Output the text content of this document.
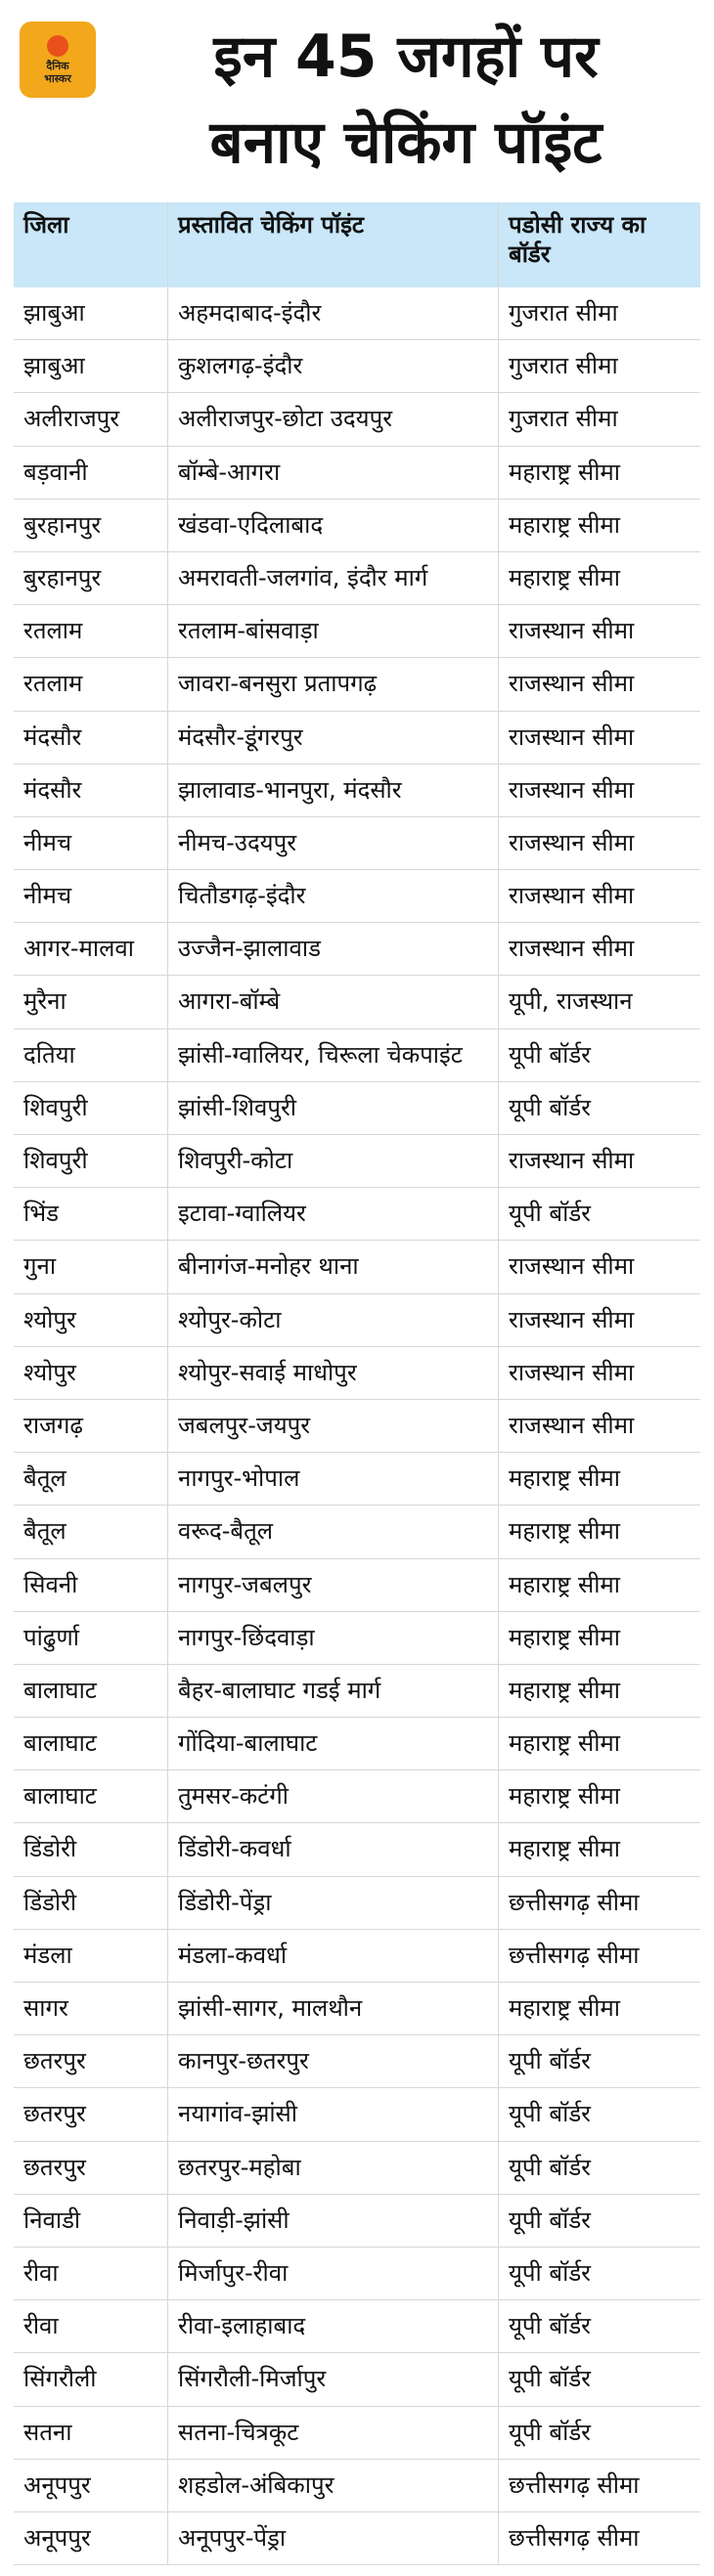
दैनिक
भास्कर	इन 45 जगहों पर
बनाए चेकिंग पॉइंट
जिला	प्रस्तावित चेकिंग पॉइंट	पडोसी राज्य का बॉर्डर
झाबुआ	अहमदाबाद-इंदौर	गुजरात सीमा
झाबुआ	कुशलगढ़-इंदौर	गुजरात सीमा
अलीराजपुर	अलीराजपुर-छोटा उदयपुर	गुजरात सीमा
बड़वानी	बॉम्बे-आगरा	महाराष्ट्र सीमा
बुरहानपुर	खंडवा-एदिलाबाद	महाराष्ट्र सीमा
बुरहानपुर	अमरावती-जलगांव, इंदौर मार्ग	महाराष्ट्र सीमा
रतलाम	रतलाम-बांसवाड़ा	राजस्थान सीमा
रतलाम	जावरा-बनसुरा प्रतापगढ़	राजस्थान सीमा
मंदसौर	मंदसौर-डूंगरपुर	राजस्थान सीमा
मंदसौर	झालावाड-भानपुरा, मंदसौर	राजस्थान सीमा
नीमच	नीमच-उदयपुर	राजस्थान सीमा
नीमच	चितौडगढ़-इंदौर	राजस्थान सीमा
आगर-मालवा	उज्जैन-झालावाड	राजस्थान सीमा
मुरैना	आगरा-बॉम्बे	यूपी, राजस्थान
दतिया	झांसी-ग्वालियर, चिरूला चेकपाइंट	यूपी बॉर्डर
शिवपुरी	झांसी-शिवपुरी	यूपी बॉर्डर
शिवपुरी	शिवपुरी-कोटा	राजस्थान सीमा
भिंड	इटावा-ग्वालियर	यूपी बॉर्डर
गुना	बीनागंज-मनोहर थाना	राजस्थान सीमा
श्योपुर	श्योपुर-कोटा	राजस्थान सीमा
श्योपुर	श्योपुर-सवाई माधोपुर	राजस्थान सीमा
राजगढ़	जबलपुर-जयपुर	राजस्थान सीमा
बैतूल	नागपुर-भोपाल	महाराष्ट्र सीमा
बैतूल	वरूद-बैतूल	महाराष्ट्र सीमा
सिवनी	नागपुर-जबलपुर	महाराष्ट्र सीमा
पांढुर्णा	नागपुर-छिंदवाड़ा	महाराष्ट्र सीमा
बालाघाट	बैहर-बालाघाट गडई मार्ग	महाराष्ट्र सीमा
बालाघाट	गोंदिया-बालाघाट	महाराष्ट्र सीमा
बालाघाट	तुमसर-कटंगी	महाराष्ट्र सीमा
डिंडोरी	डिंडोरी-कवर्धा	महाराष्ट्र सीमा
डिंडोरी	डिंडोरी-पेंड्रा	छत्तीसगढ़ सीमा
मंडला	मंडला-कवर्धा	छत्तीसगढ़ सीमा
सागर	झांसी-सागर, मालथौन	महाराष्ट्र सीमा
छतरपुर	कानपुर-छतरपुर	यूपी बॉर्डर
छतरपुर	नयागांव-झांसी	यूपी बॉर्डर
छतरपुर	छतरपुर-महोबा	यूपी बॉर्डर
निवाडी	निवाड़ी-झांसी	यूपी बॉर्डर
रीवा	मिर्जापुर-रीवा	यूपी बॉर्डर
रीवा	रीवा-इलाहाबाद	यूपी बॉर्डर
सिंगरौली	सिंगरौली-मिर्जापुर	यूपी बॉर्डर
सतना	सतना-चित्रकूट	यूपी बॉर्डर
अनूपपुर	शहडोल-अंबिकापुर	छत्तीसगढ़ सीमा
अनूपपुर	अनूपपुर-पेंड्रा	छत्तीसगढ़ सीमा
